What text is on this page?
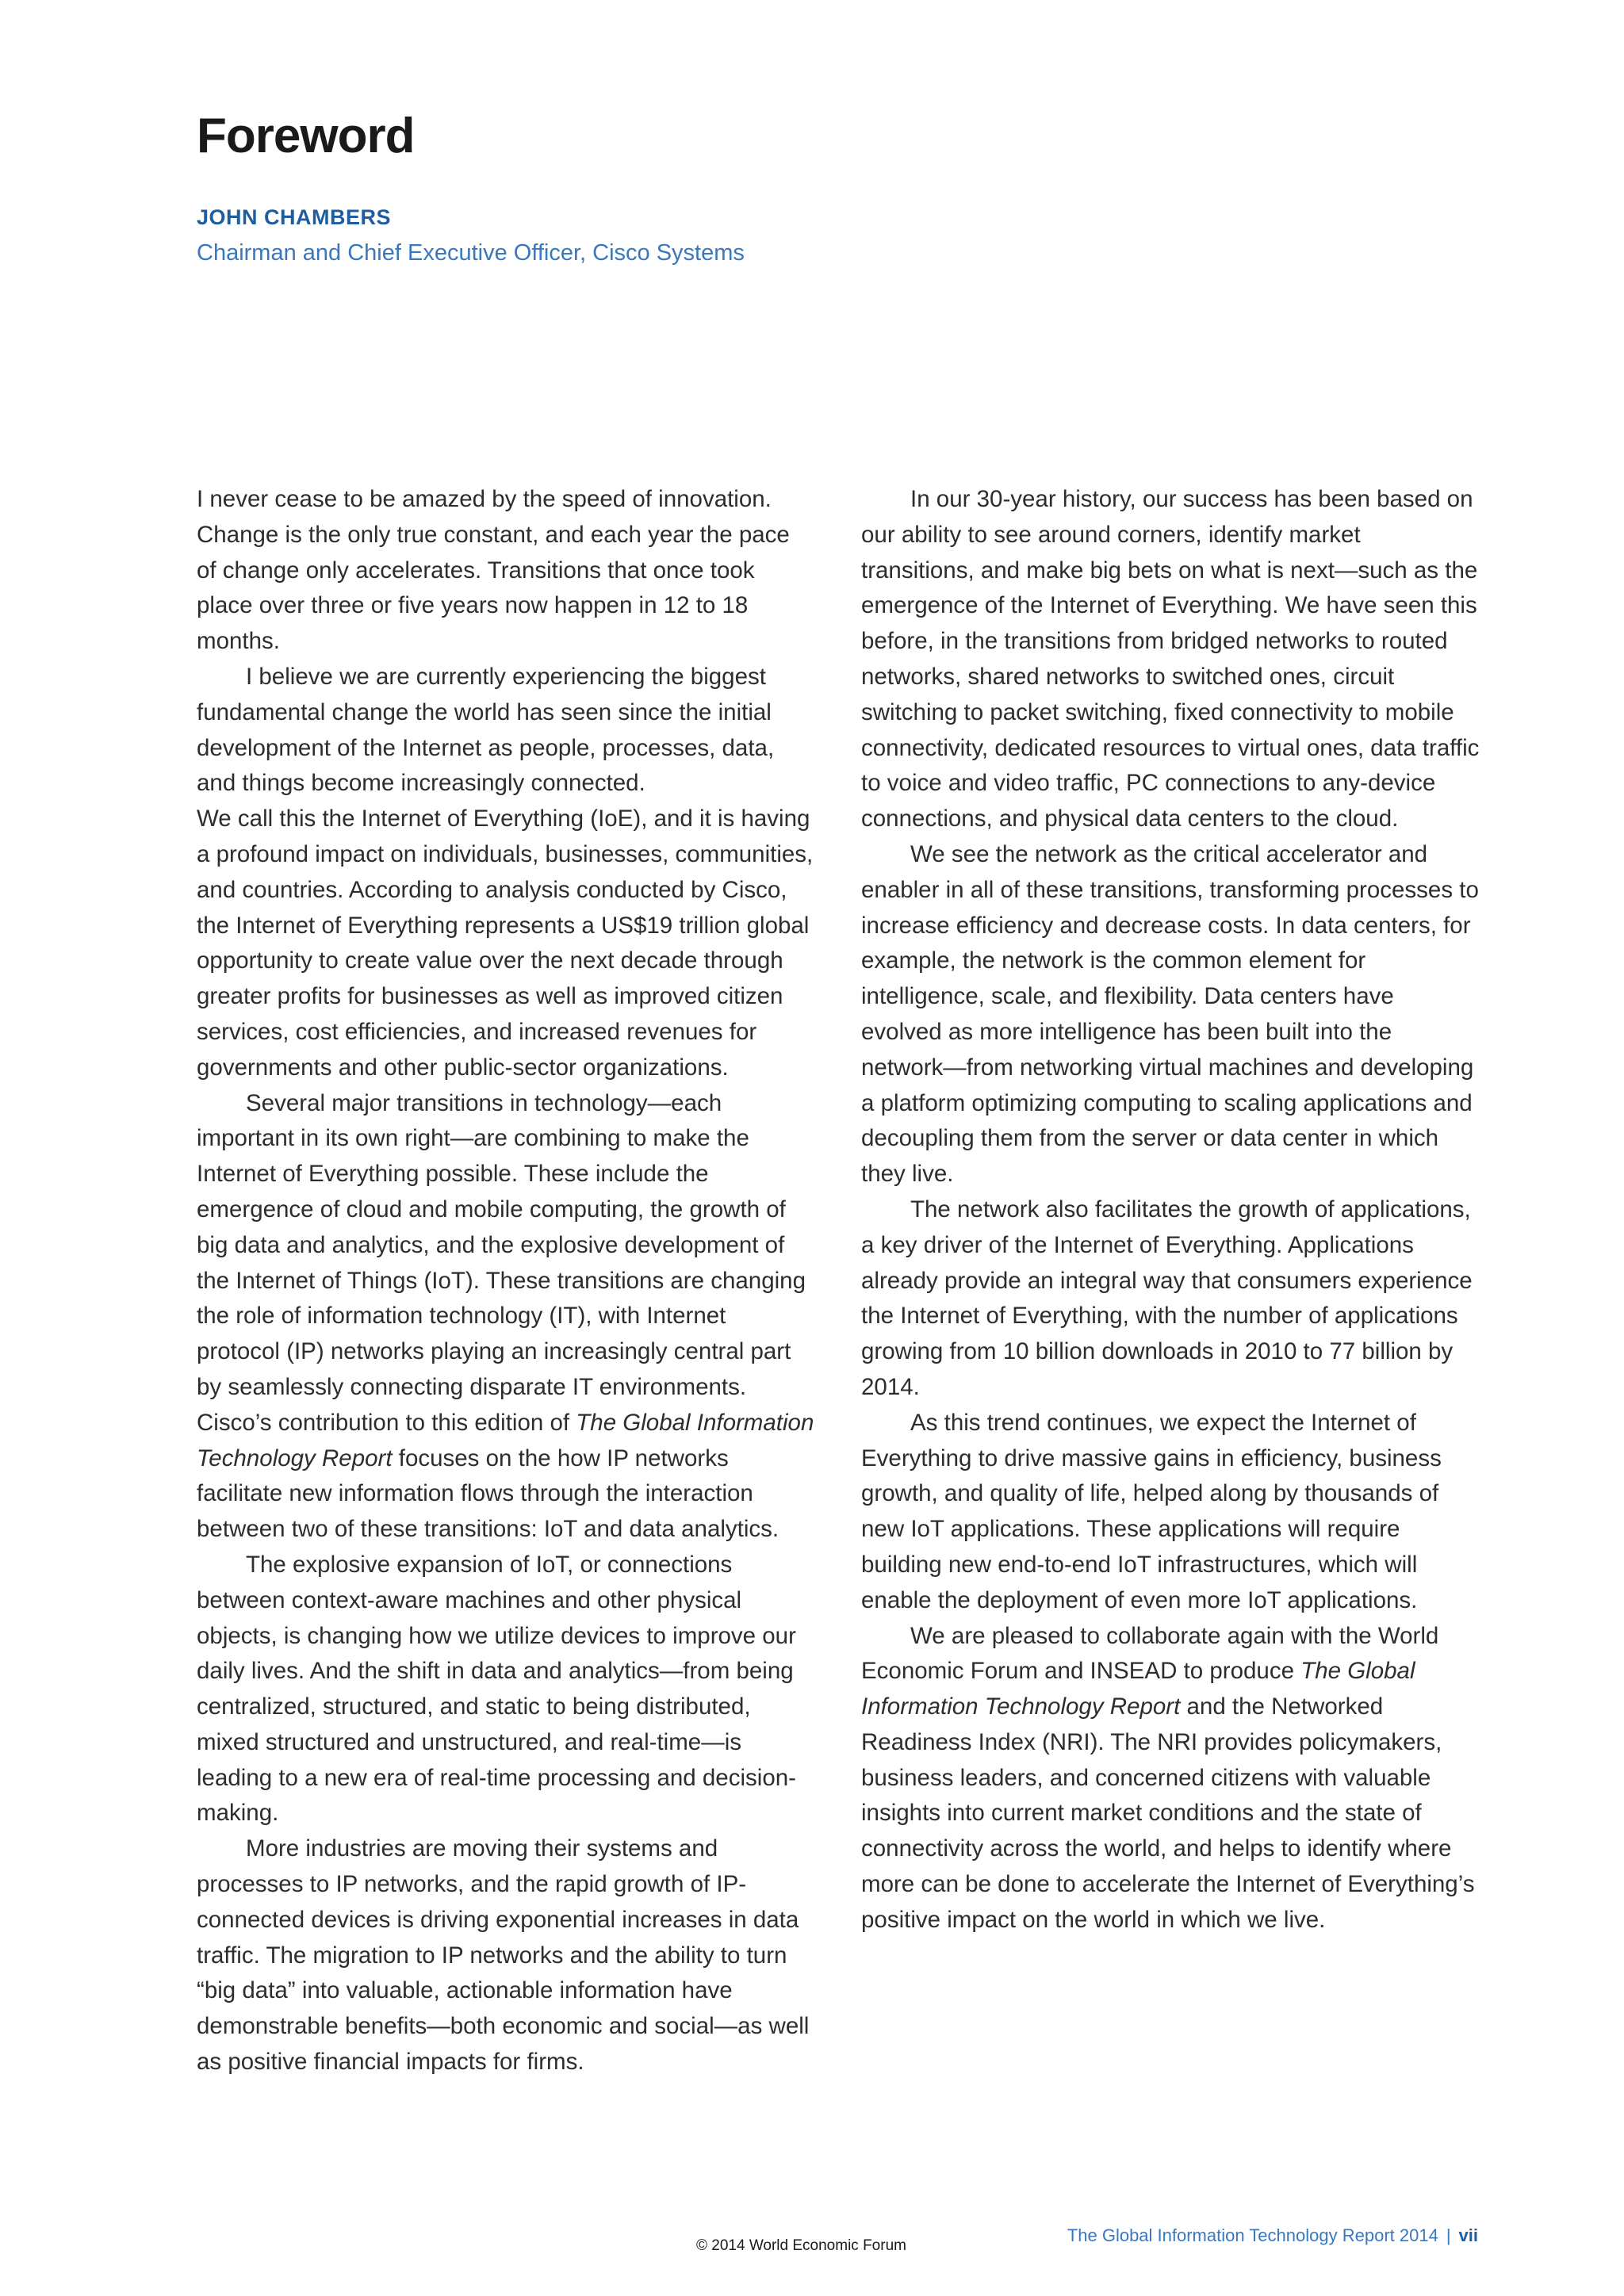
Foreword
JOHN CHAMBERS
Chairman and Chief Executive Officer, Cisco Systems

I never cease to be amazed by the speed of innovation. Change is the only true constant, and each year the pace of change only accelerates. Transitions that once took place over three or five years now happen in 12 to 18 months.

I believe we are currently experiencing the biggest fundamental change the world has seen since the initial development of the Internet as people, processes, data, and things become increasingly connected.

We call this the Internet of Everything (IoE), and it is having a profound impact on individuals, businesses, communities, and countries. According to analysis conducted by Cisco, the Internet of Everything represents a US$19 trillion global opportunity to create value over the next decade through greater profits for businesses as well as improved citizen services, cost efficiencies, and increased revenues for governments and other public-sector organizations.

Several major transitions in technology—each important in its own right—are combining to make the Internet of Everything possible. These include the emergence of cloud and mobile computing, the growth of big data and analytics, and the explosive development of the Internet of Things (IoT). These transitions are changing the role of information technology (IT), with Internet protocol (IP) networks playing an increasingly central part by seamlessly connecting disparate IT environments. Cisco’s contribution to this edition of The Global Information Technology Report focuses on the how IP networks facilitate new information flows through the interaction between two of these transitions: IoT and data analytics.

The explosive expansion of IoT, or connections between context-aware machines and other physical objects, is changing how we utilize devices to improve our daily lives. And the shift in data and analytics—from being centralized, structured, and static to being distributed, mixed structured and unstructured, and real-time—is leading to a new era of real-time processing and decision-making.

More industries are moving their systems and processes to IP networks, and the rapid growth of IP-connected devices is driving exponential increases in data traffic. The migration to IP networks and the ability to turn “big data” into valuable, actionable information have demonstrable benefits—both economic and social—as well as positive financial impacts for firms.

In our 30-year history, our success has been based on our ability to see around corners, identify market transitions, and make big bets on what is next—such as the emergence of the Internet of Everything. We have seen this before, in the transitions from bridged networks to routed networks, shared networks to switched ones, circuit switching to packet switching, fixed connectivity to mobile connectivity, dedicated resources to virtual ones, data traffic to voice and video traffic, PC connections to any-device connections, and physical data centers to the cloud.

We see the network as the critical accelerator and enabler in all of these transitions, transforming processes to increase efficiency and decrease costs. In data centers, for example, the network is the common element for intelligence, scale, and flexibility. Data centers have evolved as more intelligence has been built into the network—from networking virtual machines and developing a platform optimizing computing to scaling applications and decoupling them from the server or data center in which they live.

The network also facilitates the growth of applications, a key driver of the Internet of Everything. Applications already provide an integral way that consumers experience the Internet of Everything, with the number of applications growing from 10 billion downloads in 2010 to 77 billion by 2014.

As this trend continues, we expect the Internet of Everything to drive massive gains in efficiency, business growth, and quality of life, helped along by thousands of new IoT applications. These applications will require building new end-to-end IoT infrastructures, which will enable the deployment of even more IoT applications.

We are pleased to collaborate again with the World Economic Forum and INSEAD to produce The Global Information Technology Report and the Networked Readiness Index (NRI). The NRI provides policymakers, business leaders, and concerned citizens with valuable insights into current market conditions and the state of connectivity across the world, and helps to identify where more can be done to accelerate the Internet of Everything’s positive impact on the world in which we live.

© 2014 World Economic Forum
The Global Information Technology Report 2014 | vii
